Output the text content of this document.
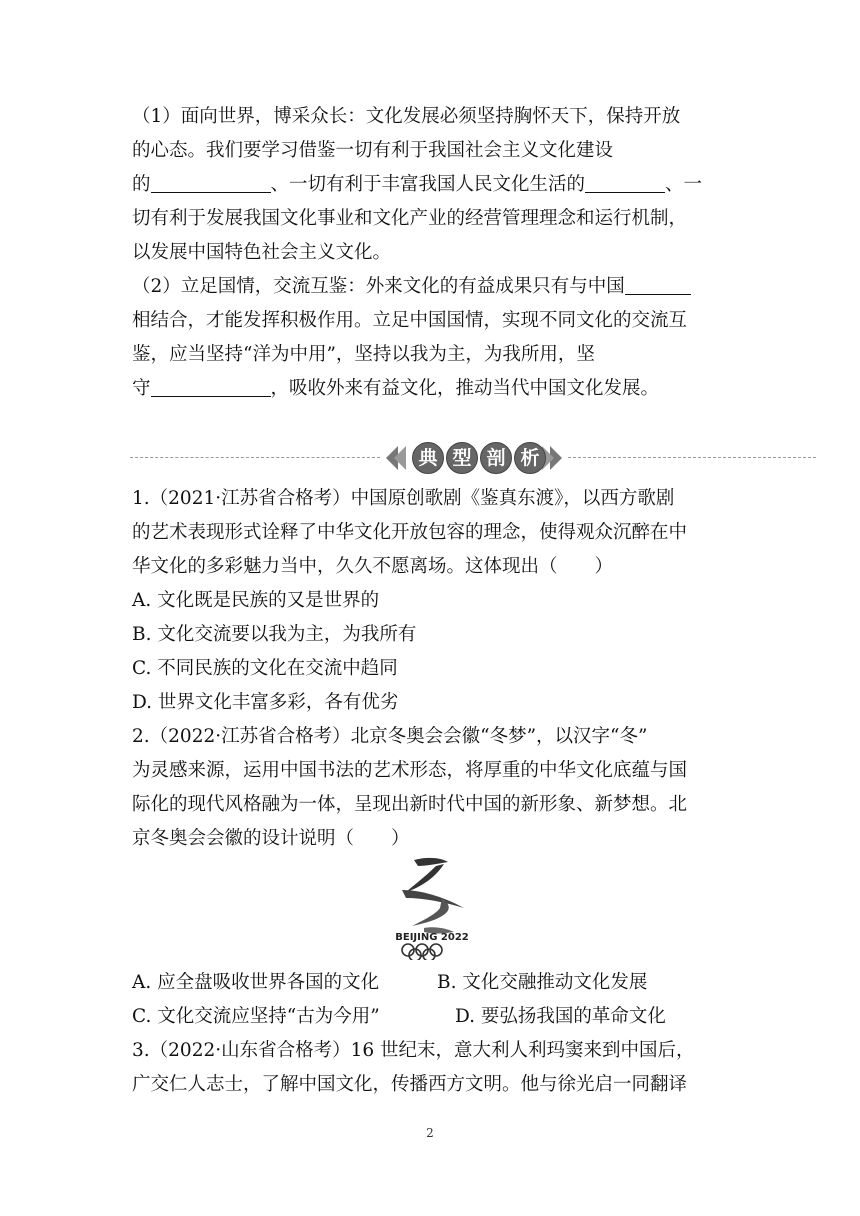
（1）面向世界，博采众长：文化发展必须坚持胸怀天下，保持开放
的心态。我们要学习借鉴一切有利于我国社会主义文化建设
的	、一切有利于丰富我国人民文化生活的	、一
切有利于发展我国文化事业和文化产业的经营管理理念和运行机制，
以发展中国特色社会主义文化。
（2）立足国情，交流互鉴：外来文化的有益成果只有与中国
相结合，才能发挥积极作用。立足中国国情，实现不同文化的交流互
鉴，应当坚持“洋为中用”，坚持以我为主，为我所用，坚
守	，吸收外来有益文化，推动当代中国文化发展。
典 型 剖 析
1.（2021·江苏省合格考）中国原创歌剧《鉴真东渡》，以西方歌剧
的艺术表现形式诠释了中华文化开放包容的理念，使得观众沉醉在中
华文化的多彩魅力当中，久久不愿离场。这体现出（　　）
A. 文化既是民族的又是世界的
B. 文化交流要以我为主，为我所有
C. 不同民族的文化在交流中趋同
D. 世界文化丰富多彩，各有优劣
2.（2022·江苏省合格考）北京冬奥会会徽“冬梦”，以汉字“冬”
为灵感来源，运用中国书法的艺术形态，将厚重的中华文化底蕴与国
际化的现代风格融为一体，呈现出新时代中国的新形象、新梦想。北
京冬奥会会徽的设计说明（　　）
BEIJING 2022
A. 应全盘吸收世界各国的文化	B. 文化交融推动文化发展
C. 文化交流应坚持“古为今用”	D. 要弘扬我国的革命文化
3.（2022·山东省合格考）16 世纪末，意大利人利玛窦来到中国后，
广交仁人志士，了解中国文化，传播西方文明。他与徐光启一同翻译
2
